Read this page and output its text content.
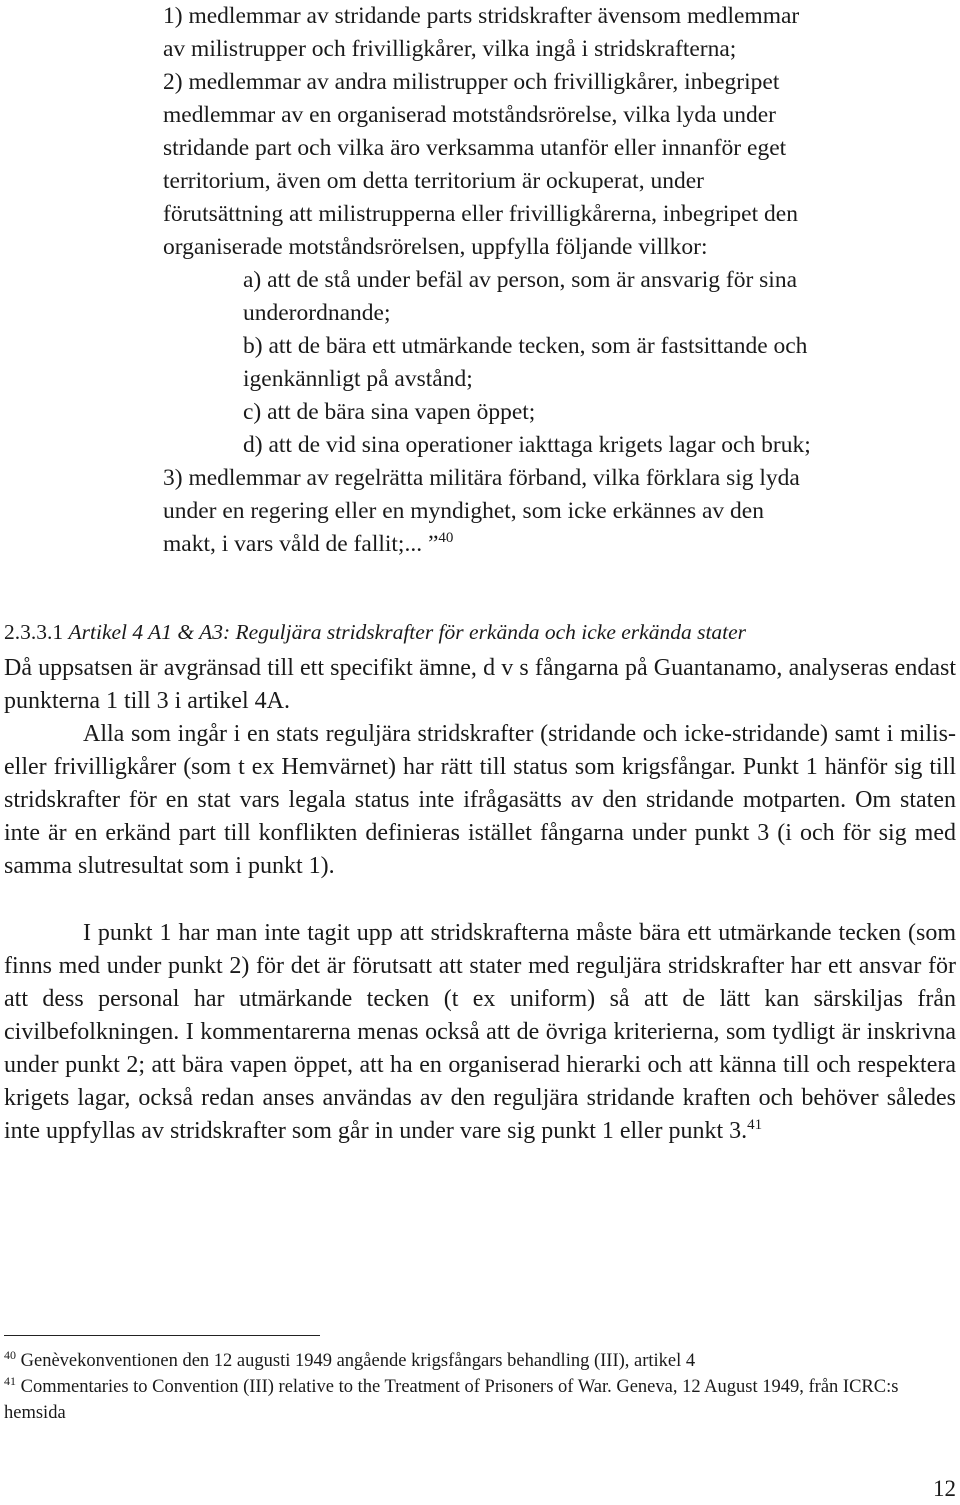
1) medlemmar av stridande parts stridskrafter ävensom medlemmar
av milistrupper och frivilligkårer, vilka ingå i stridskrafterna;
2) medlemmar av andra milistrupper och frivilligkårer, inbegripet
medlemmar av en organiserad motståndsrörelse, vilka lyda under
stridande part och vilka äro verksamma utanför eller innanför eget
territorium, även om detta territorium är ockuperat, under
förutsättning att milistrupperna eller frivilligkårerna, inbegripet den
organiserade motståndsrörelsen, uppfylla följande villkor:
a) att de stå under befäl av person, som är ansvarig för sina
underordnande;
b) att de bära ett utmärkande tecken, som är fastsittande och
igenkännligt på avstånd;
c) att de bära sina vapen öppet;
d) att de vid sina operationer iakttaga krigets lagar och bruk;
3) medlemmar av regelrätta militära förband, vilka förklara sig lyda
under en regering eller en myndighet, som icke erkännes av den
makt, i vars våld de fallit;... ”$^{40}$
2.3.3.1 Artikel 4 A1 & A3: Reguljära stridskrafter för erkända och icke erkända stater

Då uppsatsen är avgränsad till ett specifikt ämne, d v s fångarna på Guantanamo, analyseras endast punkterna 1 till 3 i artikel 4A.

Alla som ingår i en stats reguljära stridskrafter (stridande och icke-stridande) samt i milis- eller frivilligkårer (som t ex Hemvärnet) har rätt till status som krigsfångar. Punkt 1 hänför sig till stridskrafter för en stat vars legala status inte ifrågasätts av den stridande motparten. Om staten inte är en erkänd part till konflikten definieras istället fångarna under punkt 3 (i och för sig med samma slutresultat som i punkt 1).

I punkt 1 har man inte tagit upp att stridskrafterna måste bära ett utmärkande tecken (som finns med under punkt 2) för det är förutsatt att stater med reguljära stridskrafter har ett ansvar för att dess personal har utmärkande tecken (t ex uniform) så att de lätt kan särskiljas från civilbefolkningen. I kommentarerna menas också att de övriga kriterierna, som tydligt är inskrivna under punkt 2; att bära vapen öppet, att ha en organiserad hierarki och att känna till och respektera krigets lagar, också redan anses användas av den reguljära stridande kraften och behöver således inte uppfyllas av stridskrafter som går in under vare sig punkt 1 eller punkt 3.41

$^{40}$ Genèvekonventionen den 12 augusti 1949 angående krigsfångars behandling (III), artikel 4

$^{41}$ Commentaries to Convention (III) relative to the Treatment of Prisoners of War. Geneva, 12 August 1949, från ICRC:s hemsida

12
